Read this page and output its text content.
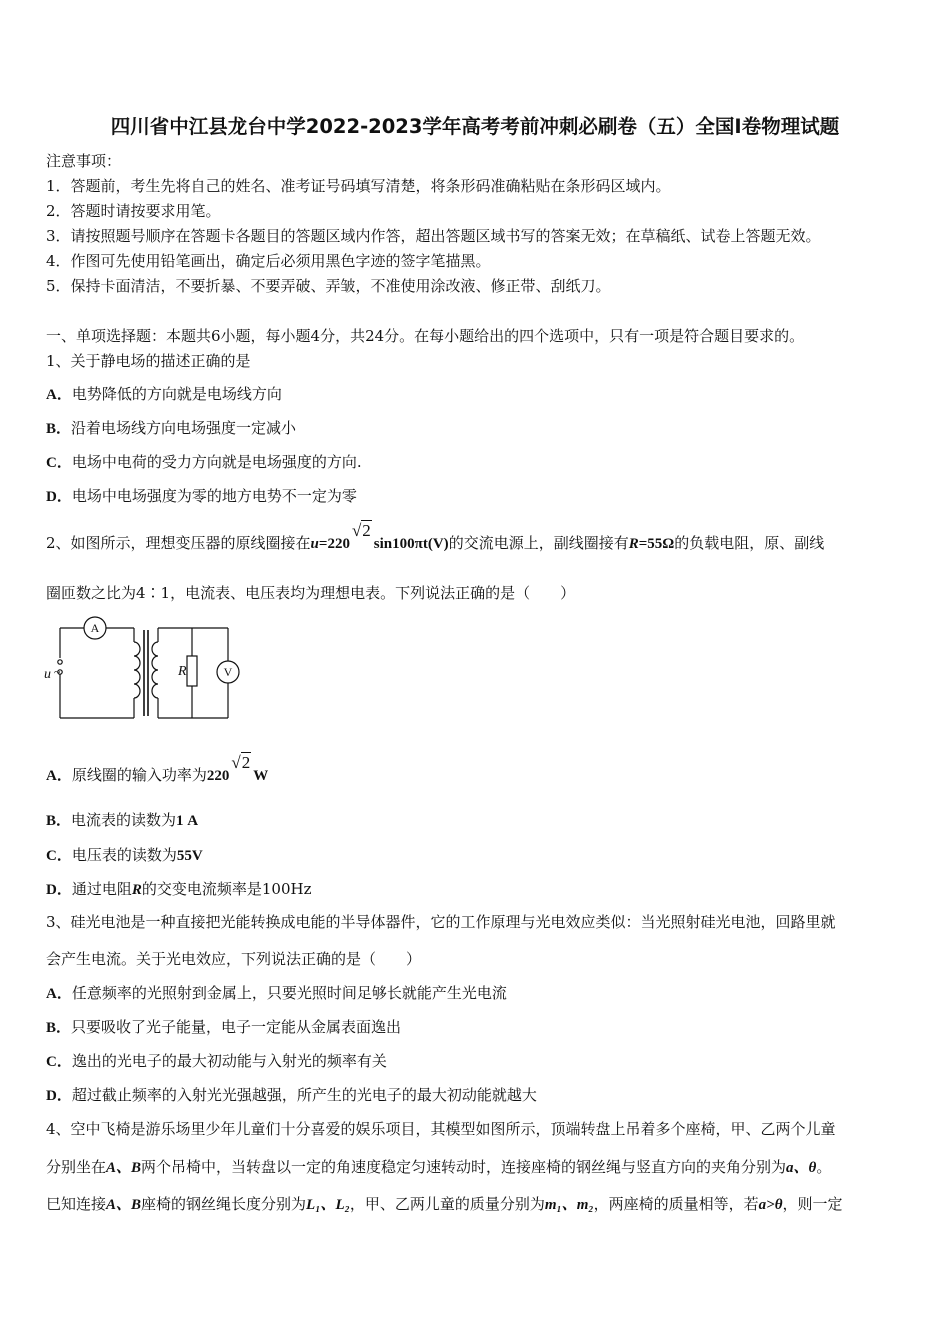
四川省中江县龙台中学2022-2023学年高考考前冲刺必刷卷（五）全国Ⅰ卷物理试题
注意事项：
1．答题前，考生先将自己的姓名、准考证号码填写清楚，将条形码准确粘贴在条形码区域内。
2．答题时请按要求用笔。
3．请按照题号顺序在答题卡各题目的答题区域内作答，超出答题区域书写的答案无效；在草稿纸、试卷上答题无效。
4．作图可先使用铅笔画出，确定后必须用黑色字迹的签字笔描黑。
5．保持卡面清洁，不要折暴、不要弄破、弄皱，不准使用涂改液、修正带、刮纸刀。
一、单项选择题：本题共6小题，每小题4分，共24分。在每小题给出的四个选项中，只有一项是符合题目要求的。
1、关于静电场的描述正确的是
A．电势降低的方向就是电场线方向
B．沿着电场线方向电场强度一定减小
C．电场中电荷的受力方向就是电场强度的方向.
D．电场中电场强度为零的地方电势不一定为零
2、如图所示，理想变压器的原线圈接在u=220√2sin100πt(V)的交流电源上，副线圈接有R=55Ω的负载电阻，原、副线
圈匝数之比为4∶1，电流表、电压表均为理想电表。下列说法正确的是（　　）
A
V
R
u ~
A．原线圈的输入功率为220√2W
B．电流表的读数为1 A
C．电压表的读数为55V
D．通过电阻R的交变电流频率是100Hz
3、硅光电池是一种直接把光能转换成电能的半导体器件，它的工作原理与光电效应类似：当光照射硅光电池，回路里就
会产生电流。关于光电效应，下列说法正确的是（　　）
A．任意频率的光照射到金属上，只要光照时间足够长就能产生光电流
B．只要吸收了光子能量，电子一定能从金属表面逸出
C．逸出的光电子的最大初动能与入射光的频率有关
D．超过截止频率的入射光光强越强，所产生的光电子的最大初动能就越大
4、空中飞椅是游乐场里少年儿童们十分喜爱的娱乐项目，其模型如图所示，顶端转盘上吊着多个座椅，甲、乙两个儿童
分别坐在A、B两个吊椅中，当转盘以一定的角速度稳定匀速转动时，连接座椅的钢丝绳与竖直方向的夹角分别为a、θ。
巳知连接A、B座椅的钢丝绳长度分别为L₁、L₂，甲、乙两儿童的质量分别为m₁、m₂，两座椅的质量相等，若a>θ，则一定
